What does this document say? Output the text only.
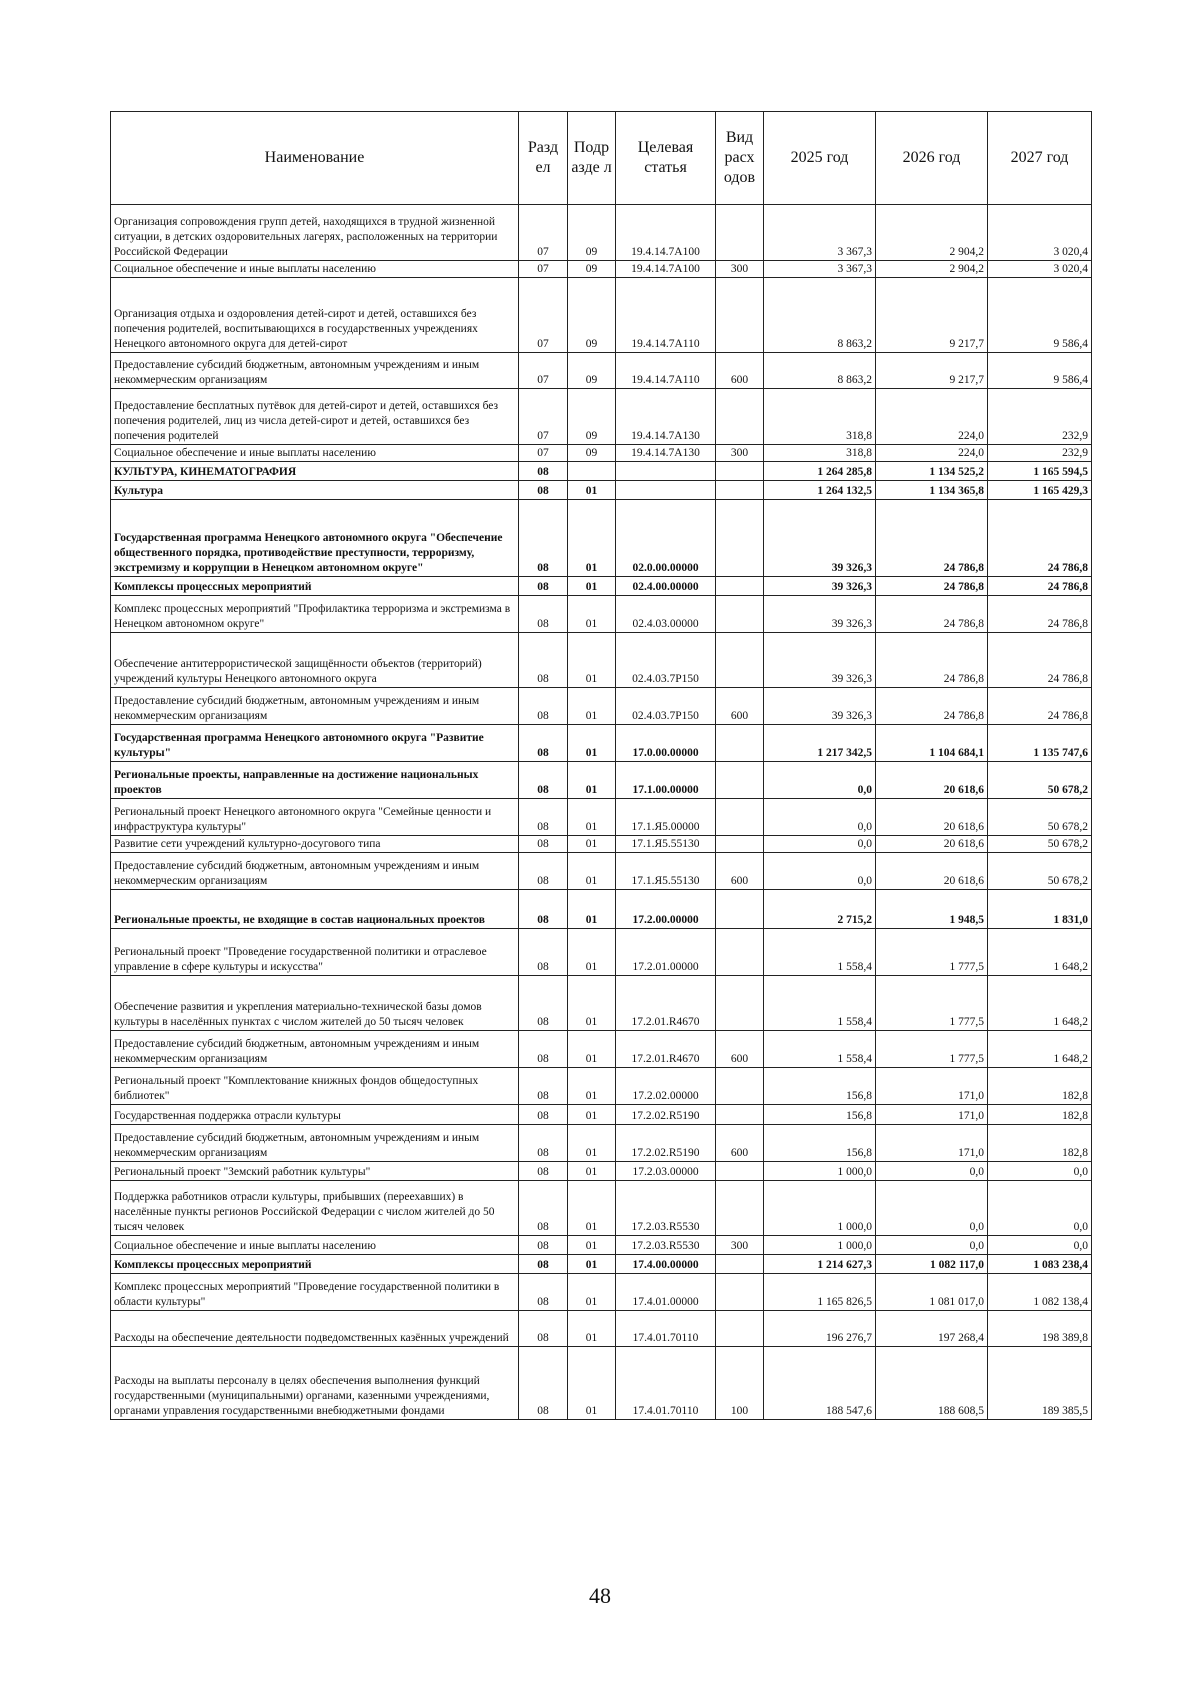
Наименование	Разд ел	Подр азде л	Целевая статья	Вид расх одов	2025 год	2026 год	2027 год
Организация сопровождения групп детей, находящихся в трудной жизненной ситуации, в детских оздоровительных лагерях, расположенных на территории Российской Федерации	07	09	19.4.14.7А100		3 367,3	2 904,2	3 020,4
Социальное обеспечение и иные выплаты населению	07	09	19.4.14.7А100	300	3 367,3	2 904,2	3 020,4
Организация отдыха и оздоровления детей-сирот и детей, оставшихся без попечения родителей, воспитывающихся в государственных учреждениях Ненецкого автономного округа для детей-сирот	07	09	19.4.14.7А110		8 863,2	9 217,7	9 586,4
Предоставление субсидий бюджетным, автономным учреждениям и иным некоммерческим организациям	07	09	19.4.14.7А110	600	8 863,2	9 217,7	9 586,4
Предоставление бесплатных путёвок для детей-сирот и детей, оставшихся без попечения родителей, лиц из числа детей-сирот и детей, оставшихся без попечения родителей	07	09	19.4.14.7А130		318,8	224,0	232,9
Социальное обеспечение и иные выплаты населению	07	09	19.4.14.7А130	300	318,8	224,0	232,9
КУЛЬТУРА, КИНЕМАТОГРАФИЯ	08				1 264 285,8	1 134 525,2	1 165 594,5
Культура	08	01			1 264 132,5	1 134 365,8	1 165 429,3
Государственная программа Ненецкого автономного округа "Обеспечение общественного порядка, противодействие преступности, терроризму, экстремизму и коррупции в Ненецком автономном округе"	08	01	02.0.00.00000		39 326,3	24 786,8	24 786,8
Комплексы процессных мероприятий	08	01	02.4.00.00000		39 326,3	24 786,8	24 786,8
Комплекс процессных мероприятий "Профилактика терроризма и экстремизма в Ненецком автономном округе"	08	01	02.4.03.00000		39 326,3	24 786,8	24 786,8
Обеспечение антитеррористической защищённости объектов (территорий) учреждений культуры Ненецкого автономного округа	08	01	02.4.03.7Р150		39 326,3	24 786,8	24 786,8
Предоставление субсидий бюджетным, автономным учреждениям и иным некоммерческим организациям	08	01	02.4.03.7Р150	600	39 326,3	24 786,8	24 786,8
Государственная программа Ненецкого автономного округа "Развитие культуры"	08	01	17.0.00.00000		1 217 342,5	1 104 684,1	1 135 747,6
Региональные проекты, направленные на достижение национальных проектов	08	01	17.1.00.00000		0,0	20 618,6	50 678,2
Региональный проект Ненецкого автономного округа "Семейные ценности и инфраструктура культуры"	08	01	17.1.Я5.00000		0,0	20 618,6	50 678,2
Развитие сети учреждений культурно-досугового типа	08	01	17.1.Я5.55130		0,0	20 618,6	50 678,2
Предоставление субсидий бюджетным, автономным учреждениям и иным некоммерческим организациям	08	01	17.1.Я5.55130	600	0,0	20 618,6	50 678,2
Региональные проекты, не входящие в состав национальных проектов	08	01	17.2.00.00000		2 715,2	1 948,5	1 831,0
Региональный проект "Проведение государственной политики и отраслевое управление в сфере культуры и искусства"	08	01	17.2.01.00000		1 558,4	1 777,5	1 648,2
Обеспечение развития и укрепления материально-технической базы домов культуры в населённых пунктах с числом жителей до 50 тысяч человек	08	01	17.2.01.R4670		1 558,4	1 777,5	1 648,2
Предоставление субсидий бюджетным, автономным учреждениям и иным некоммерческим организациям	08	01	17.2.01.R4670	600	1 558,4	1 777,5	1 648,2
Региональный проект "Комплектование книжных фондов общедоступных библиотек"	08	01	17.2.02.00000		156,8	171,0	182,8
Государственная поддержка отрасли культуры	08	01	17.2.02.R5190		156,8	171,0	182,8
Предоставление субсидий бюджетным, автономным учреждениям и иным некоммерческим организациям	08	01	17.2.02.R5190	600	156,8	171,0	182,8
Региональный проект "Земский работник культуры"	08	01	17.2.03.00000		1 000,0	0,0	0,0
Поддержка работников отрасли культуры, прибывших (переехавших) в населённые пункты регионов Российской Федерации с числом жителей до 50 тысяч человек	08	01	17.2.03.R5530		1 000,0	0,0	0,0
Социальное обеспечение и иные выплаты населению	08	01	17.2.03.R5530	300	1 000,0	0,0	0,0
Комплексы процессных мероприятий	08	01	17.4.00.00000		1 214 627,3	1 082 117,0	1 083 238,4
Комплекс процессных мероприятий "Проведение государственной политики в области культуры"	08	01	17.4.01.00000		1 165 826,5	1 081 017,0	1 082 138,4
Расходы на обеспечение деятельности подведомственных казённых учреждений	08	01	17.4.01.70110		196 276,7	197 268,4	198 389,8
Расходы на выплаты персоналу в целях обеспечения выполнения функций государственными (муниципальными) органами, казенными учреждениями, органами управления государственными внебюджетными фондами	08	01	17.4.01.70110	100	188 547,6	188 608,5	189 385,5
48
